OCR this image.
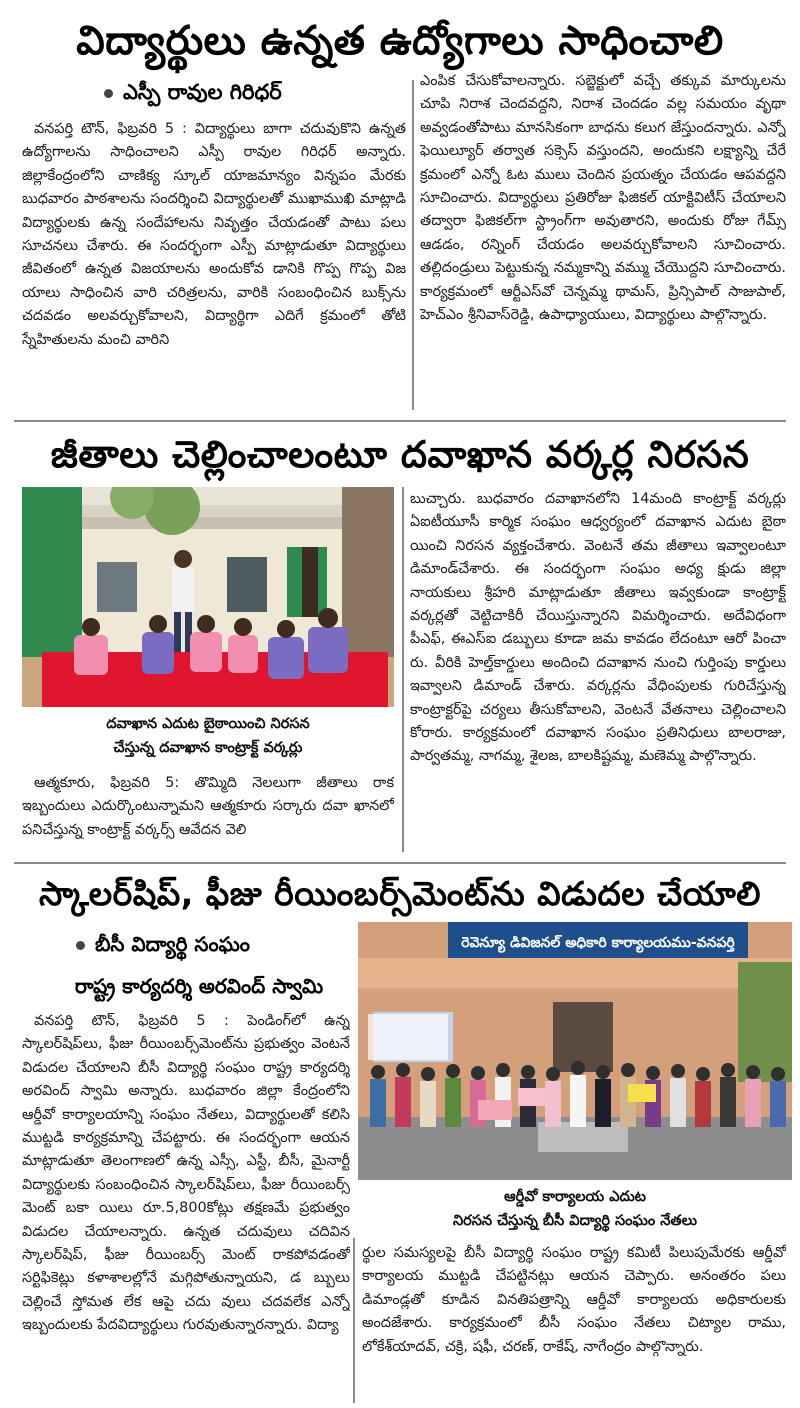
విద్యార్థులు ఉన్నత ఉద్యోగాలు సాధించాలి
ఎస్పీ రావుల గిరిధర్

వనపర్తి టౌన్, ఫిబ్రవరి 5 : విద్యార్థులు బాగా చదువుకొని ఉన్నత ఉద్యోగాలను సాధించాలని ఎస్పీ రావుల గిరిధర్ అన్నారు. జిల్లాకేంద్రంలోని చాణిక్య స్కూల్ యాజమాన్యం విన్నపం మేరకు బుధవారం పాఠశాలను సందర్శించి విద్యార్థులతో ముఖాముఖి మాట్లాడి విద్యార్థులకు ఉన్న సందేహాలను నివృత్తం చేయడంతో పాటు పలు సూచనలు చేశారు. ఈ సందర్భంగా ఎస్పీ మాట్లాడుతూ విద్యార్థులు జీవితంలో ఉన్నత విజయాలను అందుకోవ డానికి గొప్ప గొప్ప విజ యాలు సాధించిన వారి చరిత్రలను, వారికి సంబంధించిన బుక్స్‌ను చదవడం అలవర్చుకోవాలని, విద్యార్థిగా ఎదిగే క్రమంలో తోటి స్నేహితులను మంచి వారిని

ఎంపిక చేసుకోవాలన్నారు. సబ్జెక్టులో వచ్చే తక్కువ మార్కులను చూపి నిరాశ చెందవద్దని, నిరాశ చెందడం వల్ల సమయం వృథా అవ్వడంతోపాటు మానసికంగా బాధను కలుగ జేస్తుందన్నారు. ఎన్నో ఫెయిల్యూర్ తర్వాత సక్సెస్ వస్తుందని, అందుకని లక్ష్యాన్ని చేరే క్రమంలో ఎన్నో ఓట ములు చెందిన ప్రయత్నం చేయడం ఆపవద్దని సూచించారు. విద్యార్థులు ప్రతిరోజు ఫిజికల్ యాక్టివిటీస్ చేయాలని తద్వారా ఫిజికల్‌గా స్ట్రాంగ్‌గా అవుతారని, అందుకు రోజు గేమ్స్ ఆడడం, రన్నింగ్ చేయడం అలవర్చుకోవాలని సూచించారు. తల్లిదండ్రులు పెట్టుకున్న నమ్మకాన్ని వమ్ము చేయొద్దని సూచించారు. కార్యక్రమంలో ఆర్టీఎస్‌వో చెన్నమ్మ థామస్, ప్రిన్సిపాల్ సాజుపాల్, హెచ్‌ఎం శ్రీనివాస్‌రెడ్డి, ఉపాధ్యాయులు, విద్యార్థులు పాల్గొన్నారు.

జీతాలు చెల్లించాలంటూ దవాఖాన వర్కర్ల నిరసన
దవాఖాన ఎదుట బైఠాయించి నిరసన
చేస్తున్న దవాఖాన కాంట్రాక్ట్ వర్కర్లు

ఆత్మకూరు, ఫిబ్రవరి 5: తొమ్మిది నెలలుగా జీతాలు రాక ఇబ్బందులు ఎదుర్కొంటున్నామని ఆత్మకూరు సర్కారు దవా ఖానలో పనిచేస్తున్న కాంట్రాక్ట్ వర్కర్స్ ఆవేదన వెలి

బుచ్చారు. బుధవారం దవాఖానలోని 14మంది కాంట్రాక్ట్ వర్కర్లు ఏఐటీయూసీ కార్మిక సంఘం ఆధ్వర్యంలో దవాఖాన ఎదుట బైఠా యించి నిరసన వ్యక్తంచేశారు. వెంటనే తమ జీతాలు ఇవ్వాలంటూ డిమాండ్‌చేశారు. ఈ సందర్భంగా సంఘం అధ్య క్షుడు జిల్లా నాయకులు శ్రీహరి మాట్లాడుతూ జీతాలు ఇవ్వకుండా కాంట్రాక్ట్ వర్కర్లతో వెట్టిచాకిరీ చేయిస్తున్నారని విమర్శించారు. అదేవిధంగా పీఎఫ్, ఈఎస్ఐ డబ్బులు కూడా జమ కావడం లేదంటూ ఆరో పించా రు. వీరికి హెల్త్‌కార్డులు అందించి దవాఖాన నుంచి గుర్తింపు కార్డులు ఇవ్వాలని డిమాండ్ చేశారు. వర్కర్లను వేధింపులకు గురిచేస్తున్న కాంట్రాక్టర్‌పై చర్యలు తీసుకోవాలని, వెంటనే వేతనాలు చెల్లించాలని కోరారు. కార్యక్రమంలో దవాఖాన సంఘం ప్రతినిధులు బాలరాజు, పార్వతమ్మ, నాగమ్మ, శైలజ, బాలకిష్టమ్మ, మణెమ్మ పాల్గొన్నారు.

స్కాలర్‌షిప్, ఫీజు రీయింబర్స్‌మెంట్‌ను విడుదల చేయాలి
బీసీ విద్యార్థి సంఘం
రాష్ట్ర కార్యదర్శి అరవింద్ స్వామి
రెవెన్యూ డివిజనల్ అధికారి కార్యాలయము-వనపర్తి
ఆర్డీవో కార్యాలయ ఎదుట
నిరసన చేస్తున్న బీసీ విద్యార్థి సంఘం నేతలు

వనపర్తి టౌన్, ఫిబ్రవరి 5 : పెండింగ్‌లో ఉన్న స్కాలర్‌షిప్‌లు, ఫీజు రీయింబర్స్‌మెంట్‌ను ప్రభుత్వం వెంటనే విడుదల చేయాలని బీసీ విద్యార్థి సంఘం రాష్ట్ర కార్యదర్శి అరవింద్ స్వామి అన్నారు. బుధవారం జిల్లా కేంద్రంలోని ఆర్డీవో కార్యాలయాన్ని సంఘం నేతలు, విద్యార్థులతో కలిసి ముట్టడి కార్యక్రమాన్ని చేపట్టారు. ఈ సందర్భంగా ఆయన మాట్లాడుతూ తెలంగాణలో ఉన్న ఎస్సీ, ఎస్టీ, బీసీ, మైనార్టీ విద్యార్థులకు సంబంధించిన స్కాలర్‌షిప్‌లు, ఫీజు రీయింబర్స్ మెంట్ బకా యిలు రూ.5,800కోట్లు తక్షణమే ప్రభుత్వం విడుదల చేయాలన్నారు. ఉన్నత చదువులు చదివిన స్కాలర్‌షిప్, ఫీజు రీయింబర్స్ మెంట్ రాకపోవడంతో సర్టిఫికెట్లు కళాశాలల్లోనే మగ్గిపోతున్నాయని, డ బ్బులు చెల్లించే స్తోమత లేక ఆపై చదు వులు చదవలేక ఎన్నో ఇబ్బందులకు పేదవిద్యార్థులు గురవుతున్నారన్నారు. విద్యా

ర్థుల సమస్యలపై బీసీ విద్యార్థి సంఘం రాష్ట్ర కమిటీ పిలుపుమేరకు ఆర్డీవో కార్యాలయ ముట్టడి చేపట్టినట్లు ఆయన చెప్పారు. అనంతరం పలు డిమాండ్లతో కూడిన వినతిపత్రాన్ని ఆర్డీవో కార్యాలయ అధికారులకు అందజేశారు. కార్యక్రమంలో బీసీ సంఘం నేతలు చిట్యాల రాము, లోకేశ్‌యాదవ్, చక్రి, షఫీ, చరణ్, రాకేష్, నాగేంద్రం పాల్గొన్నారు.
